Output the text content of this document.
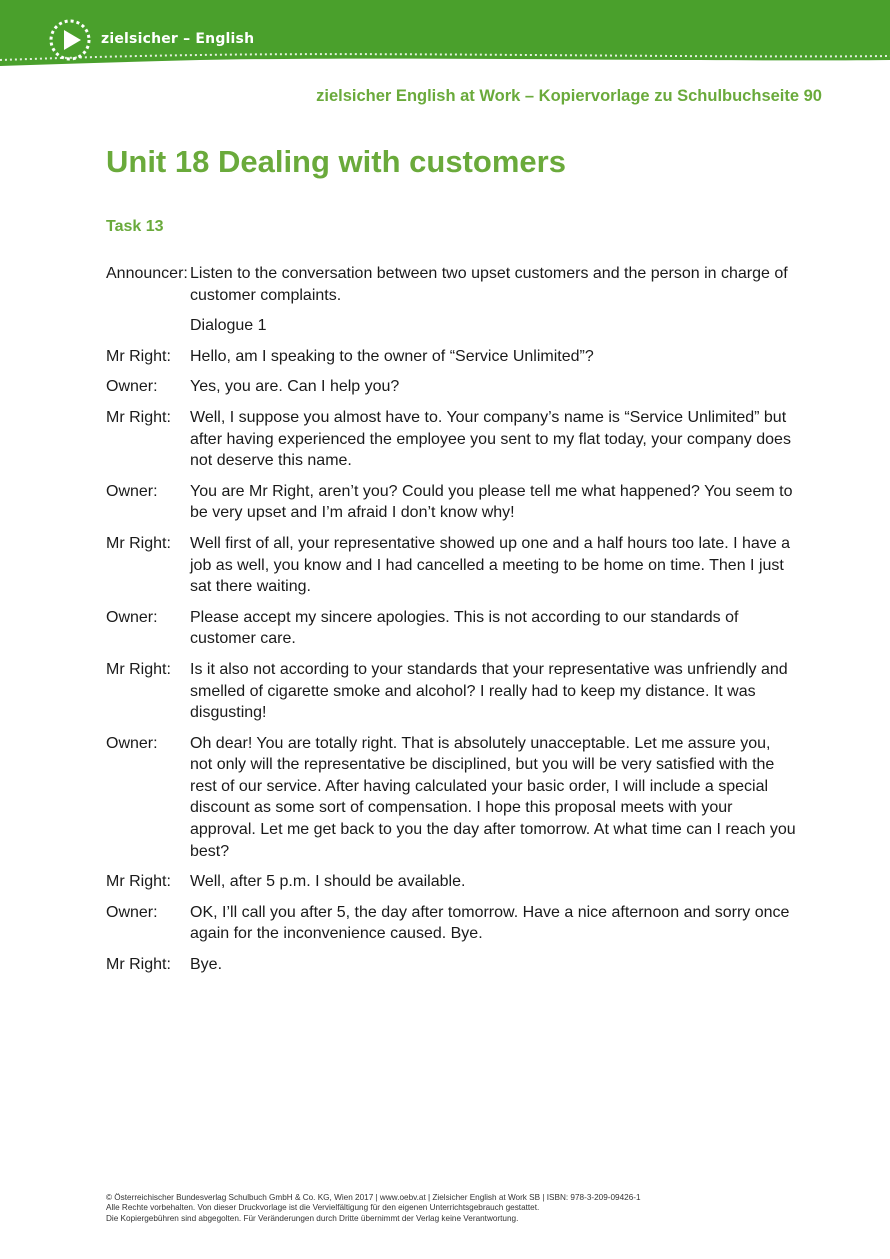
zielsicher – English
zielsicher English at Work – Kopiervorlage zu Schulbuchseite 90
Unit 18 Dealing with customers
Task 13
Announcer: Listen to the conversation between two upset customers and the person in charge of customer complaints.
Dialogue 1
Mr Right:	Hello, am I speaking to the owner of “Service Unlimited”?
Owner:	Yes, you are. Can I help you?
Mr Right:	Well, I suppose you almost have to. Your company’s name is “Service Unlimited” but after having experienced the employee you sent to my flat today, your company does not deserve this name.
Owner:	You are Mr Right, aren’t you? Could you please tell me what happened? You seem to be very upset and I’m afraid I don’t know why!
Mr Right:	Well first of all, your representative showed up one and a half hours too late. I have a job as well, you know and I had cancelled a meeting to be home on time. Then I just sat there waiting.
Owner:	Please accept my sincere apologies. This is not according to our standards of customer care.
Mr Right:	Is it also not according to your standards that your representative was unfriendly and smelled of cigarette smoke and alcohol? I really had to keep my distance. It was disgusting!
Owner:	Oh dear! You are totally right. That is absolutely unacceptable. Let me assure you, not only will the representative be disciplined, but you will be very satisfied with the rest of our service. After having calculated your basic order, I will include a special discount as some sort of compensation. I hope this proposal meets with your approval. Let me get back to you the day after tomorrow. At what time can I reach you best?
Mr Right:	Well, after 5 p.m. I should be available.
Owner:	OK, I’ll call you after 5, the day after tomorrow. Have a nice afternoon and sorry once again for the inconvenience caused. Bye.
Mr Right:	Bye.
© Österreichischer Bundesverlag Schulbuch GmbH & Co. KG, Wien 2017 | www.oebv.at | Zielsicher English at Work SB | ISBN: 978-3-209-09426-1
Alle Rechte vorbehalten. Von dieser Druckvorlage ist die Vervielfältigung für den eigenen Unterrichtsgebrauch gestattet.
Die Kopiergebühren sind abgegolten. Für Veränderungen durch Dritte übernimmt der Verlag keine Verantwortung.
